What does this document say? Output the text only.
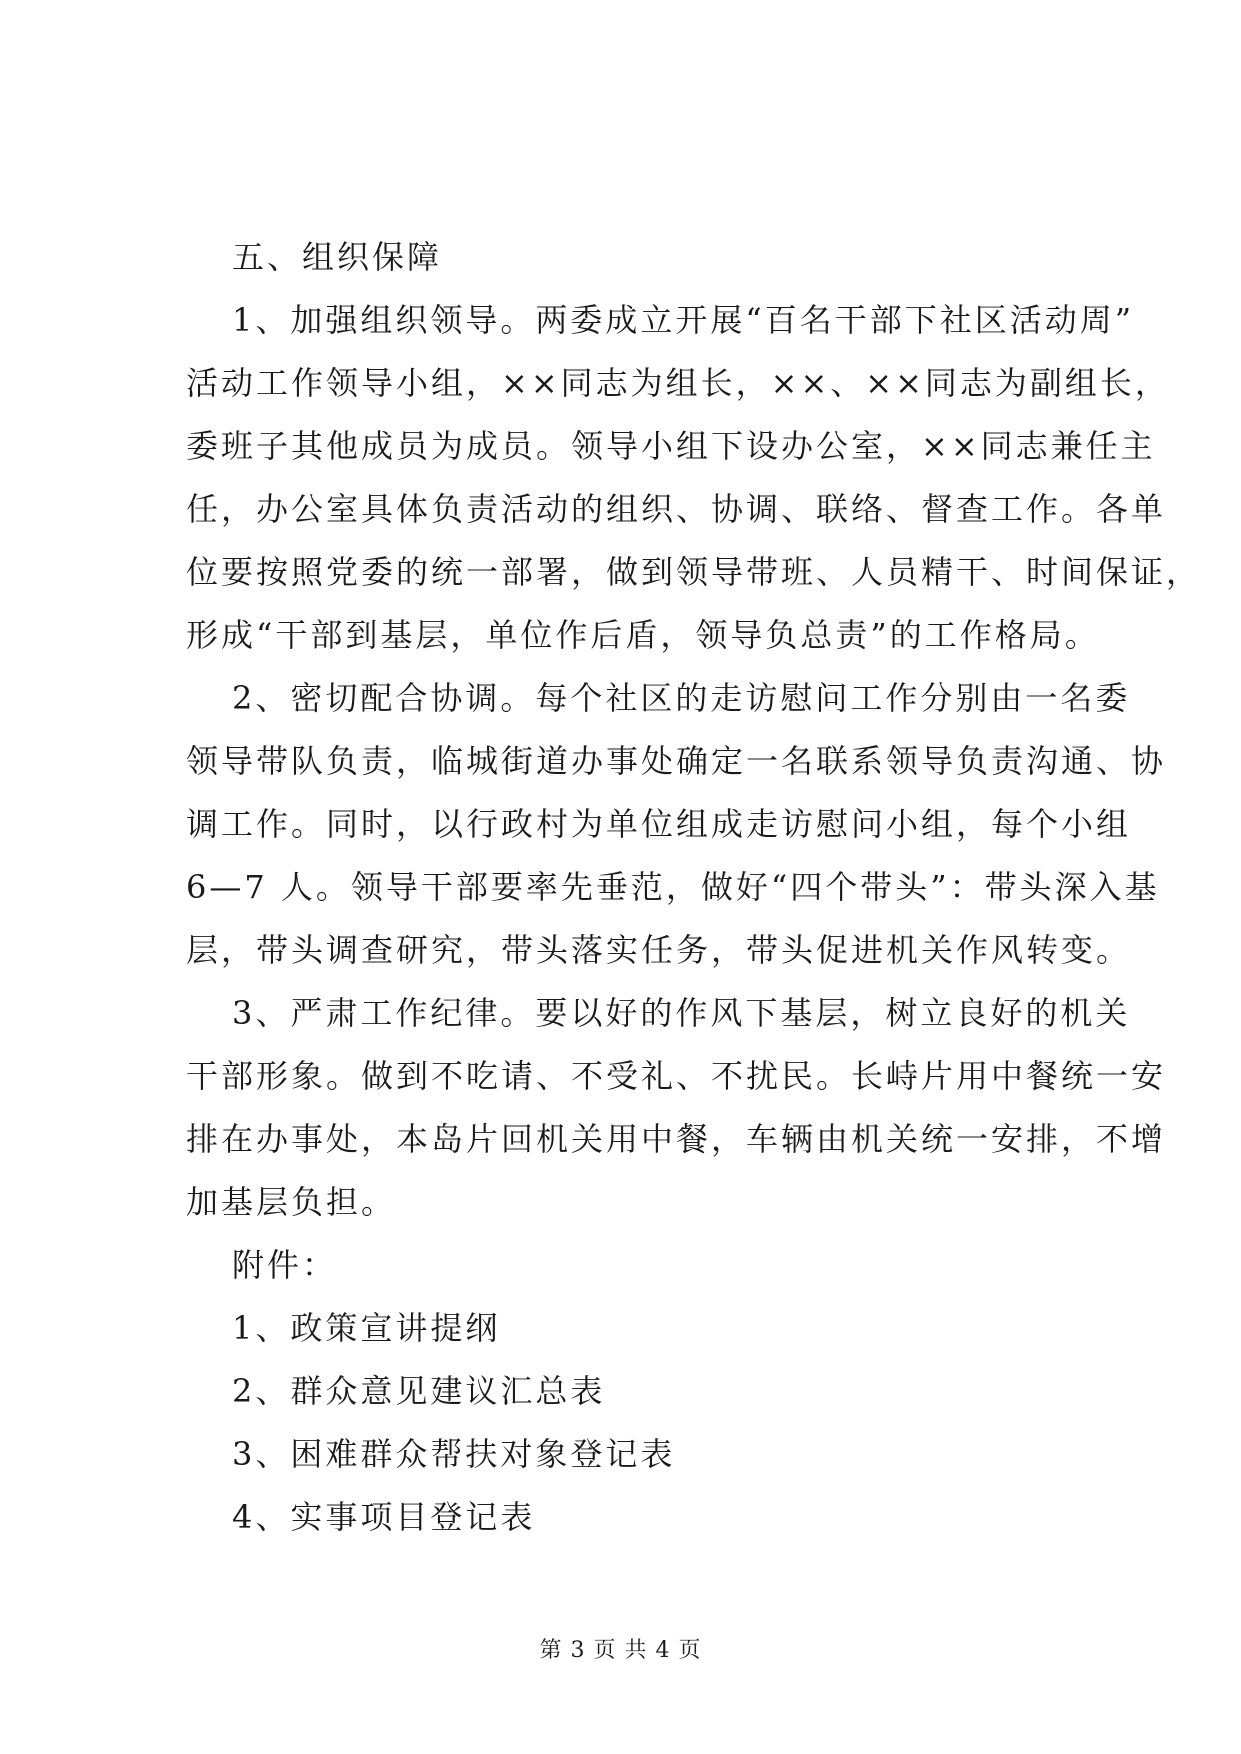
五、组织保障
1、加强组织领导。两委成立开展“百名干部下社区活动周”
活动工作领导小组，××同志为组长，××、××同志为副组长，
委班子其他成员为成员。领导小组下设办公室，××同志兼任主
任，办公室具体负责活动的组织、协调、联络、督查工作。各单
位要按照党委的统一部署，做到领导带班、人员精干、时间保证，
形成“干部到基层，单位作后盾，领导负总责”的工作格局。
2、密切配合协调。每个社区的走访慰问工作分别由一名委
领导带队负责，临城街道办事处确定一名联系领导负责沟通、协
调工作。同时，以行政村为单位组成走访慰问小组，每个小组
6—7 人。领导干部要率先垂范，做好“四个带头”：带头深入基
层，带头调查研究，带头落实任务，带头促进机关作风转变。
3、严肃工作纪律。要以好的作风下基层，树立良好的机关
干部形象。做到不吃请、不受礼、不扰民。长峙片用中餐统一安
排在办事处，本岛片回机关用中餐，车辆由机关统一安排，不增
加基层负担。
附件：
1、政策宣讲提纲
2、群众意见建议汇总表
3、困难群众帮扶对象登记表
4、实事项目登记表
第 3 页 共 4 页
